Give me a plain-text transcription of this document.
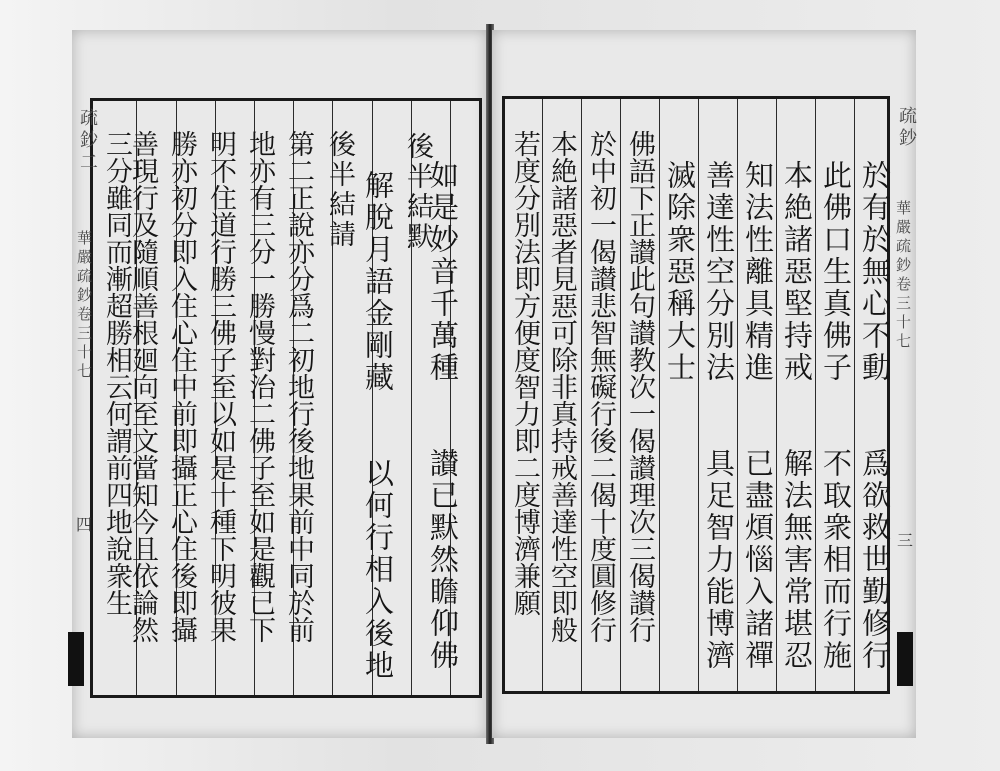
疏鈔二
華嚴疏鈔卷三十七
四	如是妙音千萬種　　讃已默然瞻仰佛
後半結默
解脫月語金剛藏　　以何行相入後地
後半結請
第二正說亦分爲二初地行後地果前中同於前
地亦有三分一勝慢對治二佛子至如是觀已下
明不住道行勝三佛子至以如是十種下明彼果
勝亦初分即入住心住中前即攝正心住後即攝
善現行及隨順善根廻向至文當知今且依論然
三分雖同而漸超勝相云何謂前四地說衆生
疏鈔
華嚴疏鈔卷三十七
三
於有於無心不動　　爲欲救世勤修行
此佛口生真佛子　　不取衆相而行施
本絶諸惡堅持戒　　解法無害常堪忍
知法性離具精進　　已盡煩惱入諸禪
善達性空分別法　　具足智力能博濟
滅除衆惡稱大士
佛語下正讃此句讃教次一偈讃理次三偈讃行
於中初一偈讃悲智無礙行後二偈十度圓修行
本絶諸惡者見惡可除非真持戒善達性空即般
若度分別法即方便度智力即二度博濟兼願
